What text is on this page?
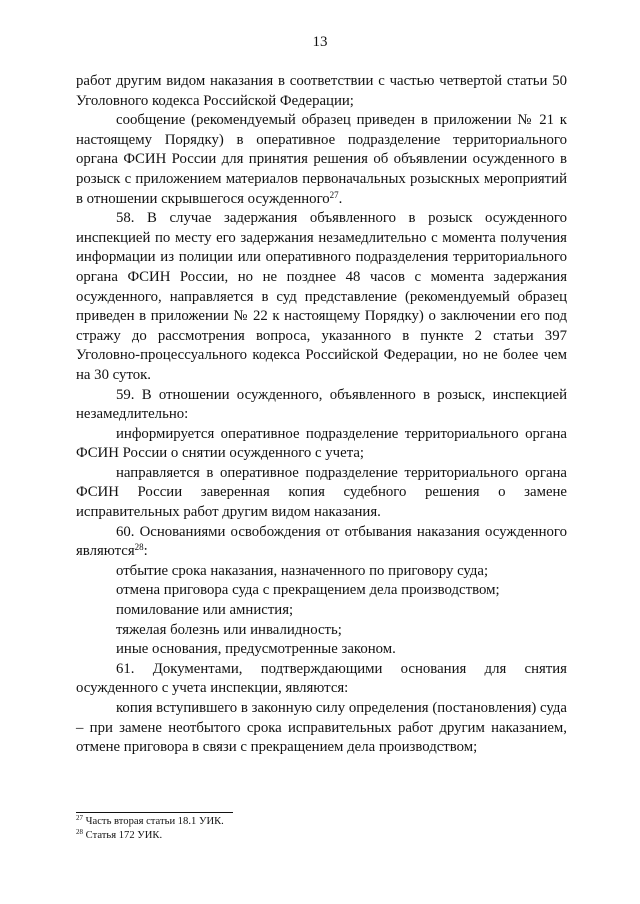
13

работ другим видом наказания в соответствии с частью четвертой статьи 50 Уголовного кодекса Российской Федерации;

сообщение (рекомендуемый образец приведен в приложении № 21 к настоящему Порядку) в оперативное подразделение территориального органа ФСИН России для принятия решения об объявлении осужденного в розыск с приложением материалов первоначальных розыскных мероприятий в отношении скрывшегося осужденного$^{27}$.

58. В случае задержания объявленного в розыск осужденного инспекцией по месту его задержания незамедлительно с момента получения информации из полиции или оперативного подразделения территориального органа ФСИН России, но не позднее 48 часов с момента задержания осужденного, направляется в суд представление (рекомендуемый образец приведен в приложении № 22 к настоящему Порядку) о заключении его под стражу до рассмотрения вопроса, указанного в пункте 2 статьи 397 Уголовно-процессуального кодекса Российской Федерации, но не более чем на 30 суток.

59. В отношении осужденного, объявленного в розыск, инспекцией незамедлительно:

информируется оперативное подразделение территориального органа ФСИН России о снятии осужденного с учета;

направляется в оперативное подразделение территориального органа ФСИН России заверенная копия судебного решения о замене исправительных работ другим видом наказания.

60. Основаниями освобождения от отбывания наказания осужденного являются$^{28}$:

отбытие срока наказания, назначенного по приговору суда;

отмена приговора суда с прекращением дела производством;

помилование или амнистия;

тяжелая болезнь или инвалидность;

иные основания, предусмотренные законом.

61. Документами, подтверждающими основания для снятия осужденного с учета инспекции, являются:

копия вступившего в законную силу определения (постановления) суда – при замене неотбытого срока исправительных работ другим наказанием, отмене приговора в связи с прекращением дела производством;

$^{27}$ Часть вторая статьи 18.1 УИК.
$^{28}$ Статья 172 УИК.
